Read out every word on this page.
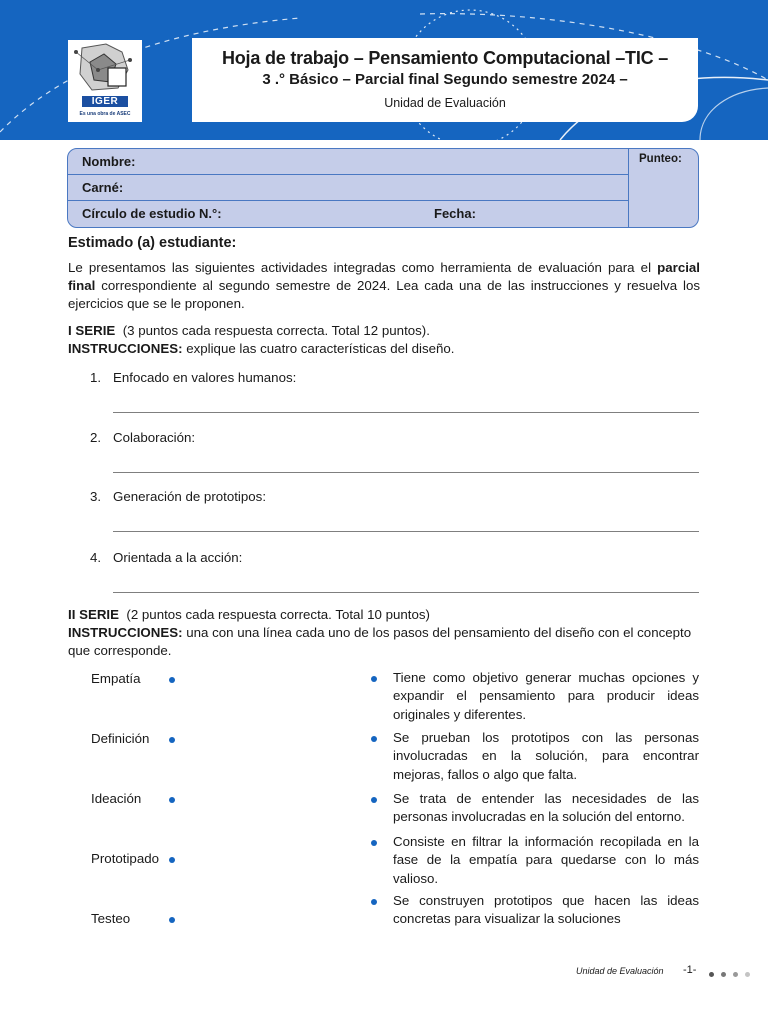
IGER
Es una obra de ASEC
Hoja de trabajo – Pensamiento Computacional –TIC –
3 .° Básico – Parcial final Segundo semestre 2024 –
Unidad de Evaluación
Nombre:
Carné:
Círculo de estudio N.°:	Fecha:
Punteo:
Estimado (a) estudiante:

Le presentamos las siguientes actividades integradas como herramienta de evaluación para el parcial final correspondiente al segundo semestre de 2024. Lea cada una de las instrucciones y resuelva los ejercicios que se le proponen.

I SERIE (3 puntos cada respuesta correcta. Total 12 puntos).
INSTRUCCIONES: explique las cuatro características del diseño.
1. Enfocado en valores humanos:
2. Colaboración:
3. Generación de prototipos:
4. Orientada a la acción:
II SERIE (2 puntos cada respuesta correcta. Total 10 puntos)
INSTRUCCIONES: una con una línea cada uno de los pasos del pensamiento del diseño con el concepto que corresponde.
Empatía
Definición
Ideación
Prototipado
Testeo
Tiene como objetivo generar muchas opciones y expandir el pensamiento para producir ideas originales y diferentes.
Se prueban los prototipos con las personas involucradas en la solución, para encontrar mejoras, fallos o algo que falta.
Se trata de entender las necesidades de las personas involucradas en la solución del entorno.
Consiste en filtrar la información recopilada en la fase de la empatía para quedarse con lo más valioso.
Se construyen prototipos que hacen las ideas concretas para visualizar la soluciones
Unidad de Evaluación -1-
